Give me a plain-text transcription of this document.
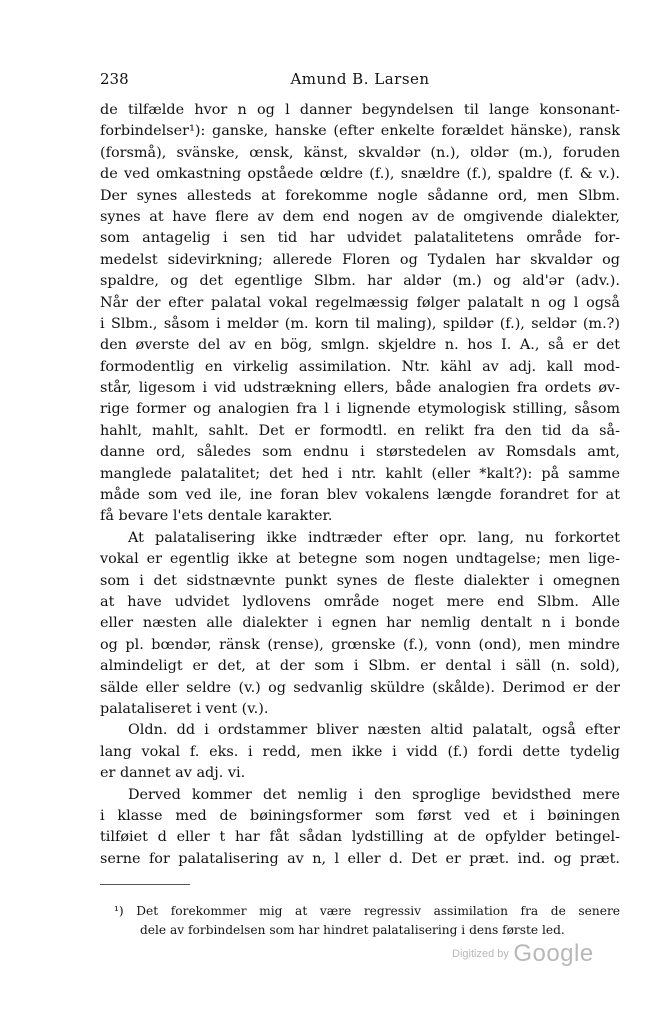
238	Amund B. Larsen
de tilfælde hvor n og l danner begyndelsen til lange konsonant-
forbindelser¹): ganske, hanske (efter enkelte forældet hänske), ransk
(forsmå), svänske, œnsk, känst, skvaldər (n.), ʊldər (m.), foruden
de ved omkastning opståede œldre (f.), snældre (f.), spaldre (f. & v.).
Der synes allesteds at forekomme nogle sådanne ord, men Slbm.
synes at have flere av dem end nogen av de omgivende dialekter,
som antagelig i sen tid har udvidet palatalitetens område for-
medelst sidevirkning; allerede Floren og Tydalen har skvaldər og
spaldre, og det egentlige Slbm. har aldər (m.) og ald'ər (adv.).
Når der efter palatal vokal regelmæssig følger palatalt n og l også
i Slbm., såsom i meldər (m. korn til maling), spildər (f.), seldər (m.?)
den øverste del av en bög, smlgn. skjeldre n. hos I. A., så er det
formodentlig en virkelig assimilation. Ntr. kähl av adj. kall mod-
står, ligesom i vid udstrækning ellers, både analogien fra ordets øv-
rige former og analogien fra l i lignende etymologisk stilling, såsom
hahlt, mahlt, sahlt. Det er formodtl. en relikt fra den tid da så-
danne ord, således som endnu i størstedelen av Romsdals amt,
manglede palatalitet; det hed i ntr. kahlt (eller *kalt?): på samme
måde som ved ile, ine foran blev vokalens længde forandret for at
få bevare l'ets dentale karakter.
At palatalisering ikke indtræder efter opr. lang, nu forkortet
vokal er egentlig ikke at betegne som nogen undtagelse; men lige-
som i det sidstnævnte punkt synes de fleste dialekter i omegnen
at have udvidet lydlovens område noget mere end Slbm. Alle
eller næsten alle dialekter i egnen har nemlig dentalt n i bonde
og pl. bœndər, ränsk (rense), grœnske (f.), vonn (ond), men mindre
almindeligt er det, at der som i Slbm. er dental i säll (n. sold),
sälde eller seldre (v.) og sedvanlig sküldre (skålde). Derimod er der
palataliseret i vent (v.).
Oldn. dd i ordstammer bliver næsten altid palatalt, også efter
lang vokal f. eks. i redd, men ikke i vidd (f.) fordi dette tydelig
er dannet av adj. vi.
Derved kommer det nemlig i den sproglige bevidsthed mere
i klasse med de bøiningsformer som først ved et i bøiningen
tilføiet d eller t har fåt sådan lydstilling at de opfylder betingel-
serne for palatalisering av n, l eller d. Det er præt. ind. og præt.
¹) Det forekommer mig at være regressiv assimilation fra de senere
dele av forbindelsen som har hindret palatalisering i dens første led.
Digitized by Google
